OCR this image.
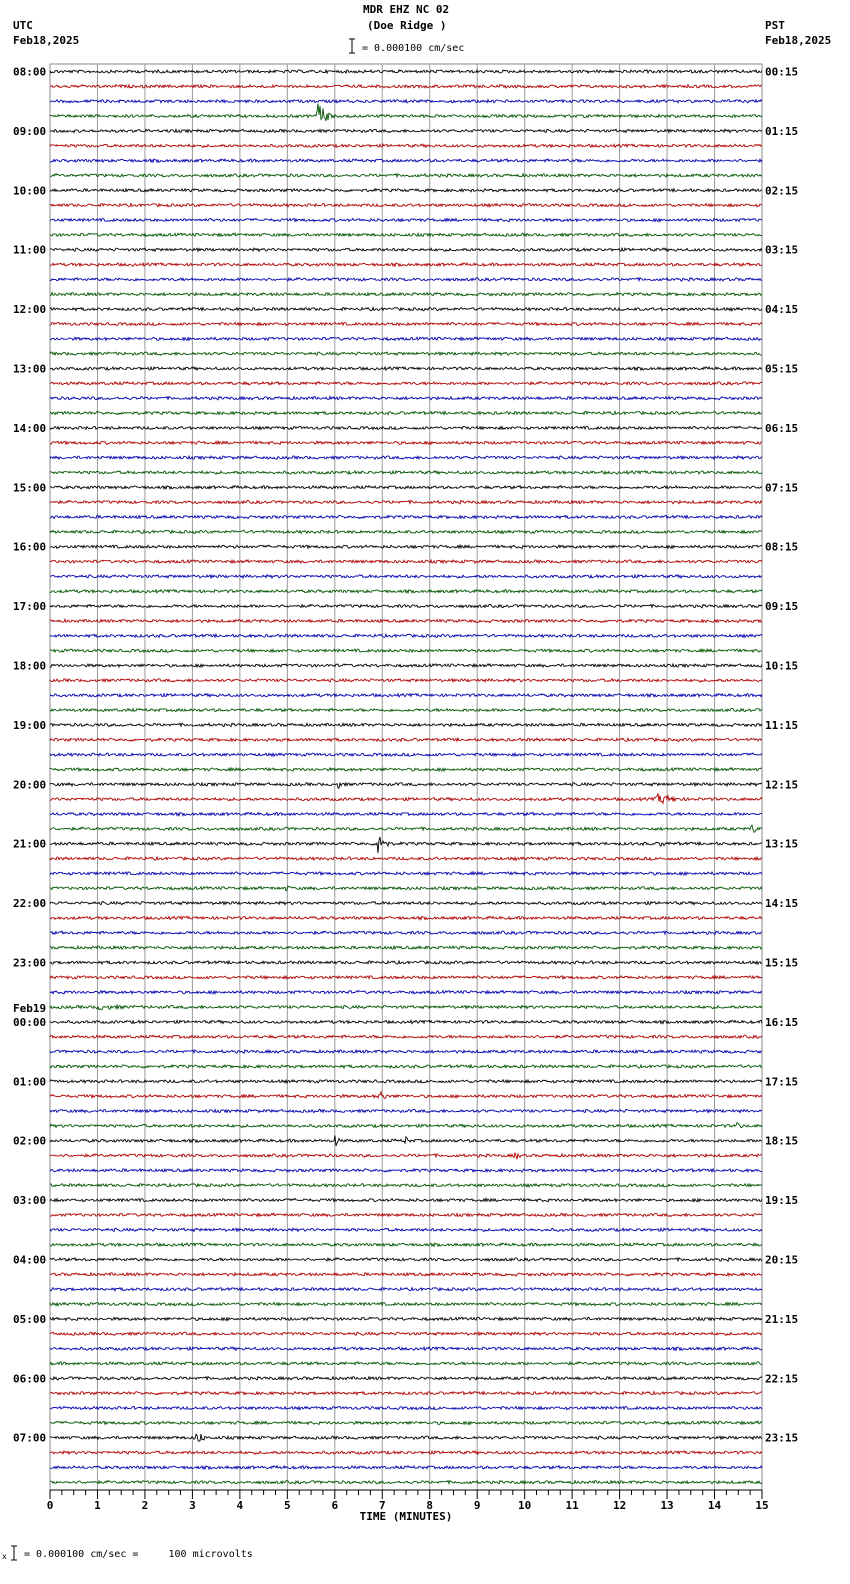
MDR EHZ NC 02
(Doe Ridge )
= 0.000100 cm/sec
UTC
Feb18,2025
PST
Feb18,2025
= 0.000100 cm/sec =     100 microvolts
x
0	1	2	3	4	5	6	7	8	9	10	11	12	13	14	15
TIME (MINUTES)
08:00
09:00
10:00
11:00
12:00
13:00
14:00
15:00
16:00
17:00
18:00
19:00
20:00
21:00
22:00
23:00
00:00
Feb19
01:00
02:00
03:00
04:00
05:00
06:00
07:00
00:15
01:15
02:15
03:15
04:15
05:15
06:15
07:15
08:15
09:15
10:15
11:15
12:15
13:15
14:15
15:15
16:15
17:15
18:15
19:15
20:15
21:15
22:15
23:15
